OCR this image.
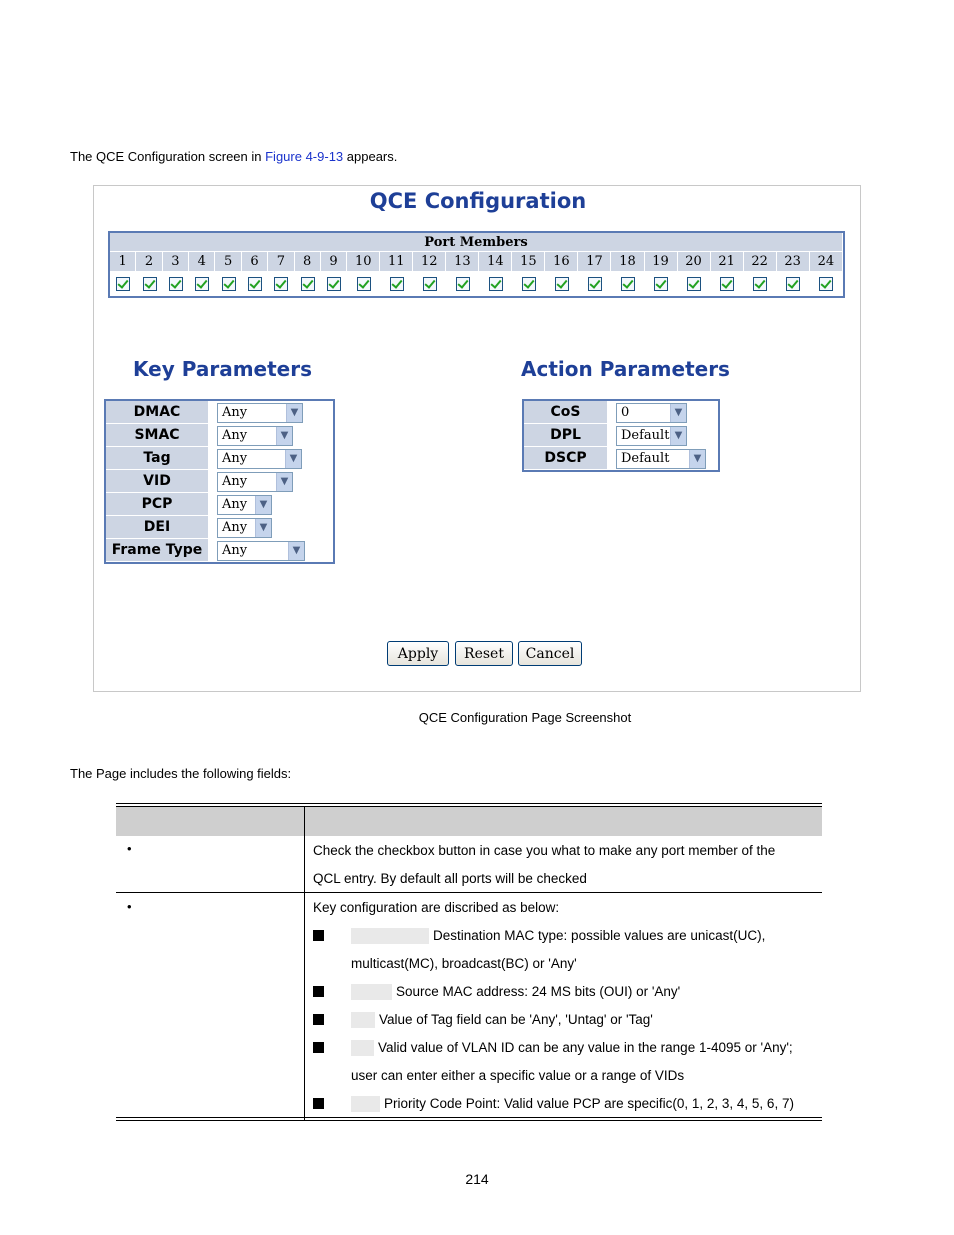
The QCE Configuration screen in Figure 4-9-13 appears.
QCE Configuration
Port Members																							
1	2	3	4	5	6	7	8	9	10	11	12	13	14	15	16	17	18	19	20	21	22	23	24

Key Parameters	Action Parameters
DMAC	Any ▼

SMAC	Any ▼

Tag	Any ▼

VID	Any ▼

PCP	Any ▼

DEI	Any ▼

Frame Type	Any ▼
CoS	0 ▼

DPL	Default ▼

DSCP	Default ▼
Apply	Reset	Cancel
QCE Configuration Page Screenshot
The Page includes the following fields:
•	Check the checkbox button in case you what to make any port member of the
QCL entry. By default all ports will be checked
•	Key configuration are discribed as below:
Destination MAC type: possible values are unicast(UC),
multicast(MC), broadcast(BC) or 'Any'
Source MAC address: 24 MS bits (OUI) or 'Any'
Value of Tag field can be 'Any', 'Untag' or 'Tag'
Valid value of VLAN ID can be any value in the range 1-4095 or 'Any';
user can enter either a specific value or a range of VIDs
Priority Code Point: Valid value PCP are specific(0, 1, 2, 3, 4, 5, 6, 7)
214
